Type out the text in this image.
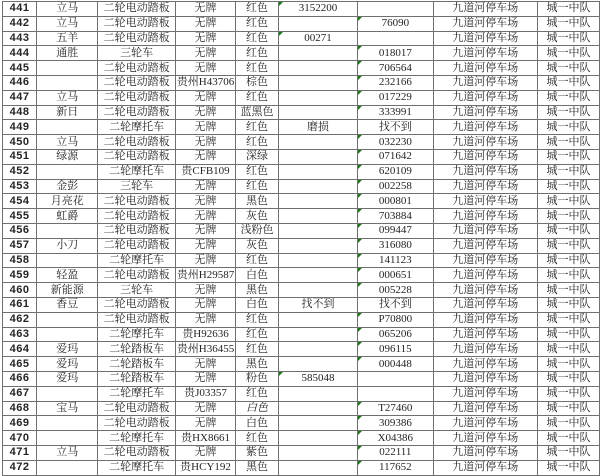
441	立马	二轮电动踏板	无牌	红色	3152200		九道河停车场	城一中队
442	立马	二轮电动踏板	无牌	红色		76090	九道河停车场	城一中队
443	五羊	二轮电动踏板	无牌	红色	00271		九道河停车场	城一中队
444	通胜	三轮车	无牌	红色		018017	九道河停车场	城一中队
445		二轮电动踏板	无牌	红色		706564	九道河停车场	城一中队
446		二轮电动踏板	贵州H43706	棕色		232166	九道河停车场	城一中队
447	立马	二轮电动踏板	无牌	红色		017229	九道河停车场	城一中队
448	新日	二轮电动踏板	无牌	蓝黑色		333991	九道河停车场	城一中队
449		二轮摩托车	无牌	红色	磨损	找不到	九道河停车场	城一中队
450	立马	二轮电动踏板	无牌	红色		032230	九道河停车场	城一中队
451	绿源	二轮电动踏板	无牌	深绿		071642	九道河停车场	城一中队
452		二轮摩托车	贵CFB109	红色		620109	九道河停车场	城一中队
453	金彭	三轮车	无牌	红色		002258	九道河停车场	城一中队
454	月亮花	二轮电动踏板	无牌	黑色		000801	九道河停车场	城一中队
455	虹爵	二轮电动踏板	无牌	灰色		703884	九道河停车场	城一中队
456		二轮电动踏板	无牌	浅粉色		099447	九道河停车场	城一中队
457	小刀	二轮电动踏板	无牌	灰色		316080	九道河停车场	城一中队
458		二轮摩托车	无牌	红色		141123	九道河停车场	城一中队
459	轻盈	二轮电动踏板	贵州H29587	白色		000651	九道河停车场	城一中队
460	新能源	三轮车	无牌	黑色		005228	九道河停车场	城一中队
461	香豆	二轮电动踏板	无牌	白色	找不到	找不到	九道河停车场	城一中队
462		二轮电动踏板	无牌	红色		P70800	九道河停车场	城一中队
463		二轮摩托车	贵H92636	红色		065206	九道河停车场	城一中队
464	爱玛	二轮踏板车	贵州H36455	红色		096115	九道河停车场	城一中队
465	爱玛	二轮踏板车	无牌	黑色		000448	九道河停车场	城一中队
466	爱玛	二轮踏板车	无牌	粉色	585048		九道河停车场	城一中队
467		二轮摩托车	贵J03357	红色			九道河停车场	城一中队
468	宝马	二轮电动踏板	无牌	白色		T27460	九道河停车场	城一中队
469		二轮电动踏板	无牌	白色		309386	九道河停车场	城一中队
470		二轮摩托车	贵HX8661	红色		X04386	九道河停车场	城一中队
471	立马	二轮电动踏板	无牌	紫色		022111	九道河停车场	城一中队
472		二轮摩托车	贵HCY192	黑色		117652	九道河停车场	城一中队
